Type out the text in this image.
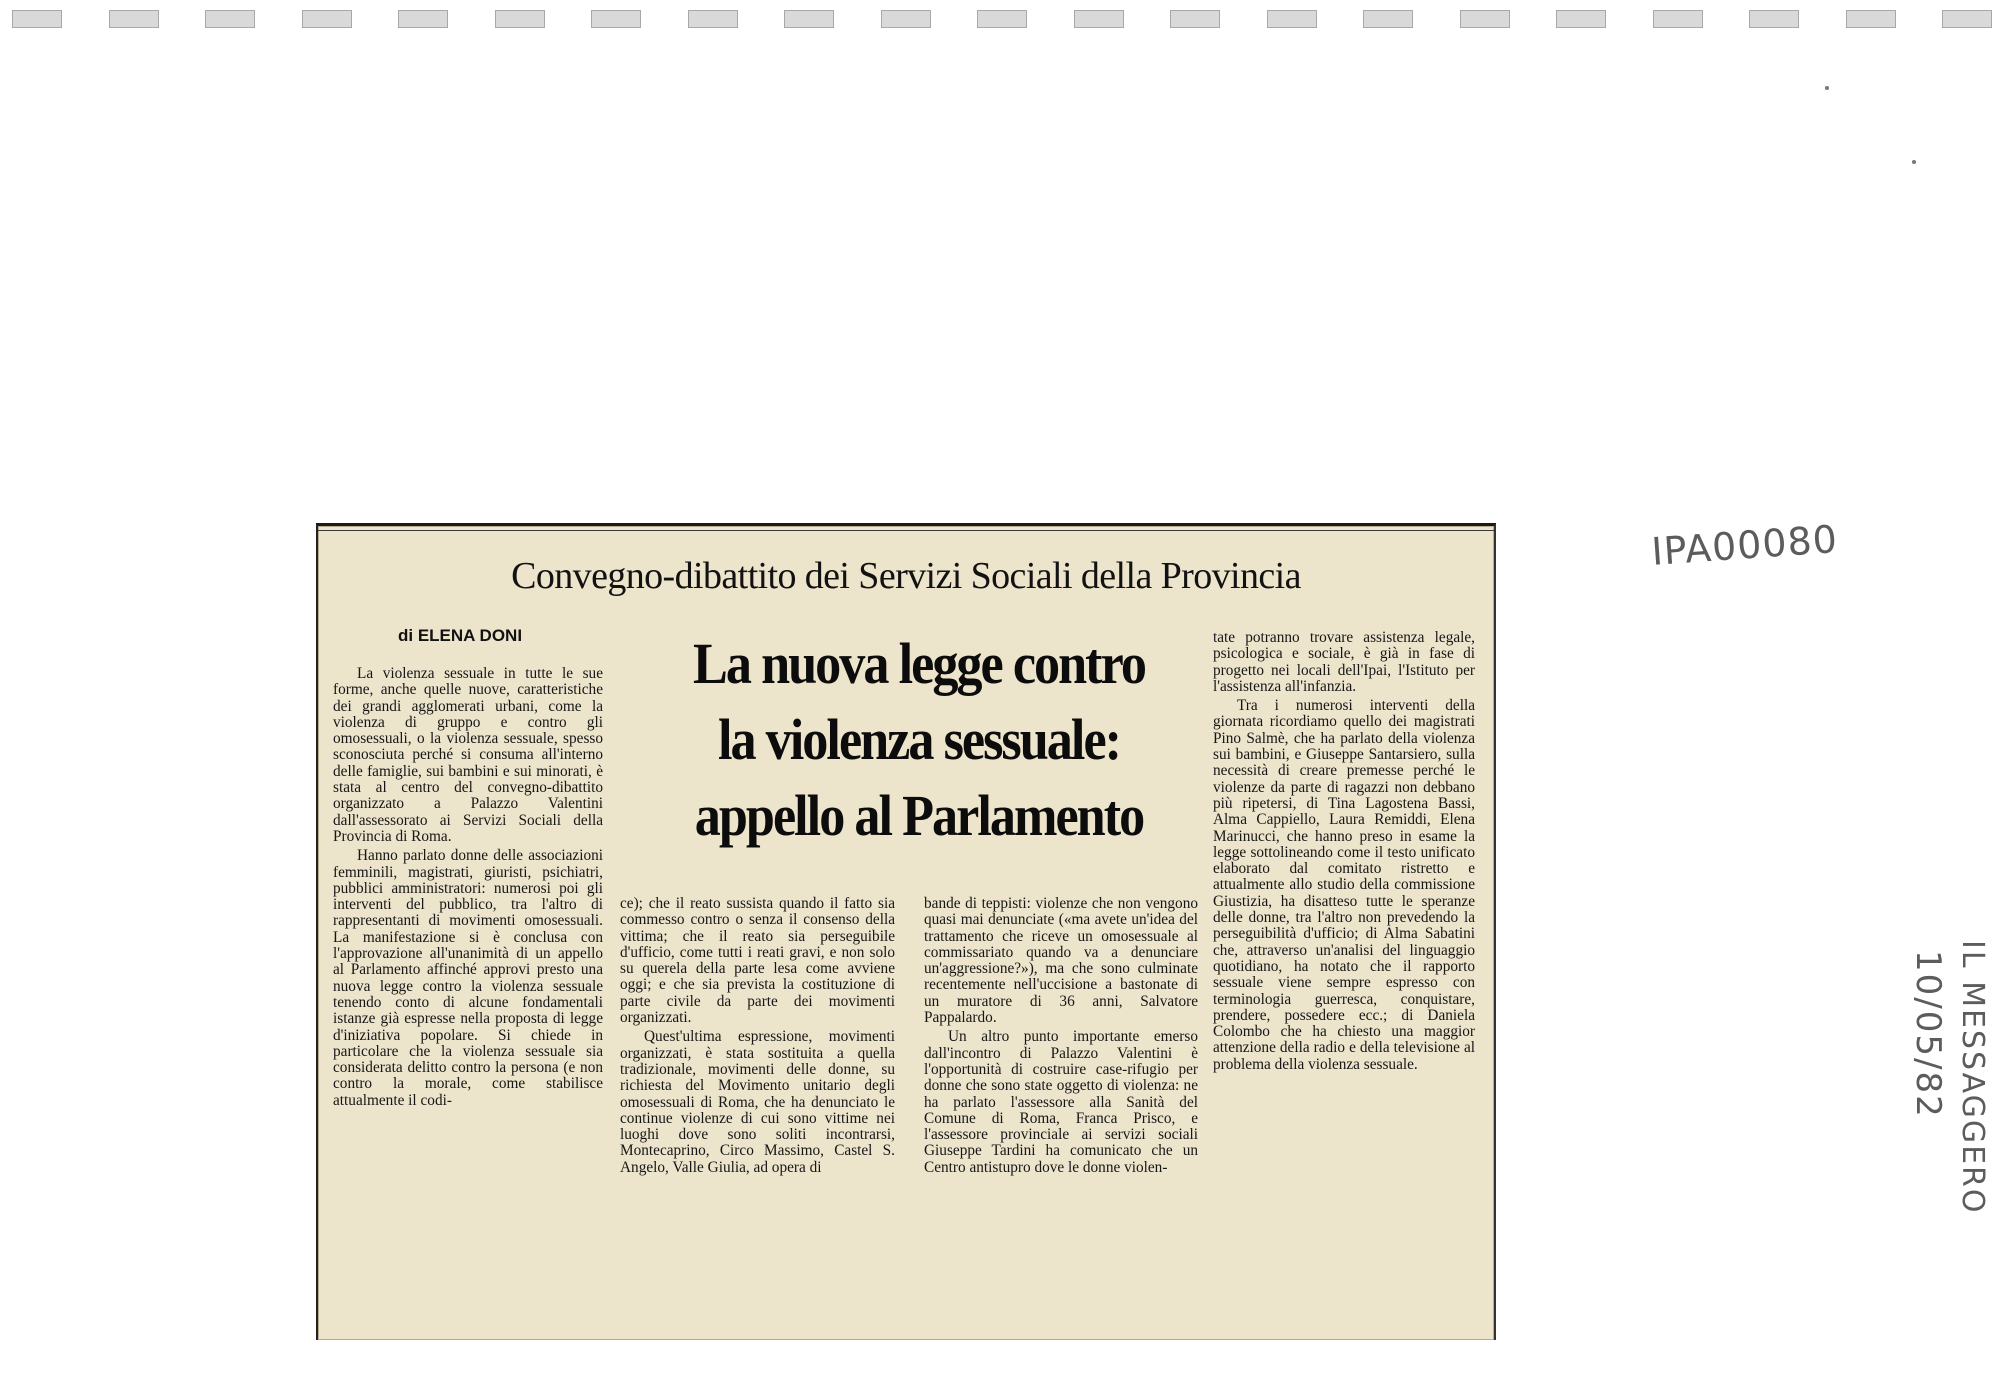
Convegno-dibattito dei Servizi Sociali della Provincia
di ELENA DONI	La nuova legge contro
la violenza sessuale:
appello al Parlamento

La violenza sessuale in tutte le sue forme, anche quelle nuove, caratteristiche dei grandi agglomerati urbani, come la violenza di gruppo e contro gli omosessuali, o la violenza sessuale, spesso sconosciuta perché si consuma all'interno delle famiglie, sui bambini e sui minorati, è stata al centro del convegno-dibattito organizzato a Palazzo Valentini dall'assessorato ai Servizi Sociali della Provincia di Roma.

Hanno parlato donne delle associazioni femminili, magistrati, giuristi, psichiatri, pubblici amministratori: numerosi poi gli interventi del pubblico, tra l'altro di rappresentanti di movimenti omosessuali. La manifestazione si è conclusa con l'approvazione all'unanimità di un appello al Parlamento affinché approvi presto una nuova legge contro la violenza sessuale tenendo conto di alcune fondamentali istanze già espresse nella proposta di legge d'iniziativa popolare. Si chiede in particolare che la violenza sessuale sia considerata delitto contro la persona (e non contro la morale, come stabilisce attualmente il codi-

ce); che il reato sussista quando il fatto sia commesso contro o senza il consenso della vittima; che il reato sia perseguibile d'ufficio, come tutti i reati gravi, e non solo su querela della parte lesa come avviene oggi; e che sia prevista la costituzione di parte civile da parte dei movimenti organizzati.

Quest'ultima espressione, movimenti organizzati, è stata sostituita a quella tradizionale, movimenti delle donne, su richiesta del Movimento unitario degli omosessuali di Roma, che ha denunciato le continue violenze di cui sono vittime nei luoghi dove sono soliti incontrarsi, Montecaprino, Circo Massimo, Castel S. Angelo, Valle Giulia, ad opera di

bande di teppisti: violenze che non vengono quasi mai denunciate («ma avete un'idea del trattamento che riceve un omosessuale al commissariato quando va a denunciare un'aggressione?»), ma che sono culminate recentemente nell'uccisione a bastonate di un muratore di 36 anni, Salvatore Pappalardo.

Un altro punto importante emerso dall'incontro di Palazzo Valentini è l'opportunità di costruire case-rifugio per donne che sono state oggetto di violenza: ne ha parlato l'assessore alla Sanità del Comune di Roma, Franca Prisco, e l'assessore provinciale ai servizi sociali Giuseppe Tardini ha comunicato che un Centro antistupro dove le donne violen-

tate potranno trovare assistenza legale, psicologica e sociale, è già in fase di progetto nei locali dell'Ipai, l'Istituto per l'assistenza all'infanzia.

Tra i numerosi interventi della giornata ricordiamo quello dei magistrati Pino Salmè, che ha parlato della violenza sui bambini, e Giuseppe Santarsiero, sulla necessità di creare premesse perché le violenze da parte di ragazzi non debbano più ripetersi, di Tina Lagostena Bassi, Alma Cappiello, Laura Remiddi, Elena Marinucci, che hanno preso in esame la legge sottolineando come il testo unificato elaborato dal comitato ristretto e attualmente allo studio della commissione Giustizia, ha disatteso tutte le speranze delle donne, tra l'altro non prevedendo la perseguibilità d'ufficio; di Alma Sabatini che, attraverso un'analisi del linguaggio quotidiano, ha notato che il rapporto sessuale viene sempre espresso con terminologia guerresca, conquistare, prendere, possedere ecc.; di Daniela Colombo che ha chiesto una maggior attenzione della radio e della televisione al problema della violenza sessuale.

IPA00080
IL MESSAGGERO
10/05/82
